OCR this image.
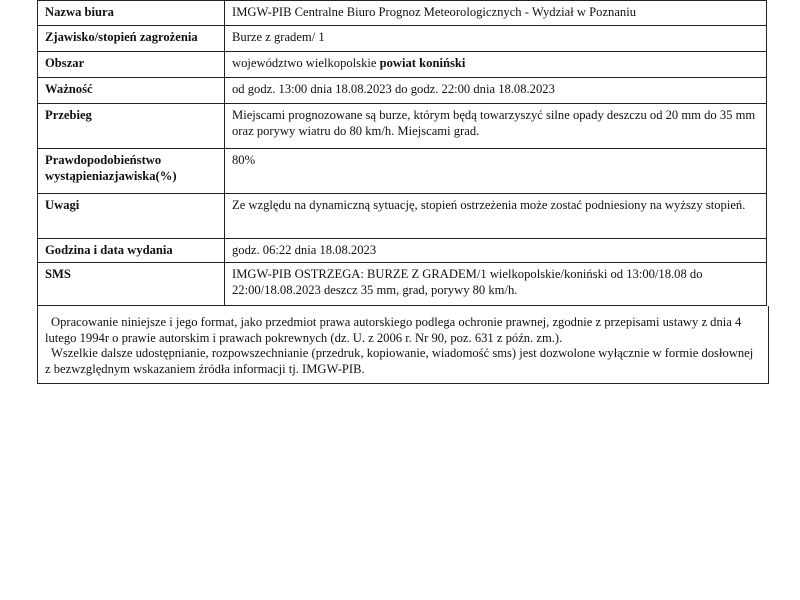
Nazwa biura	IMGW-PIB Centralne Biuro Prognoz Meteorologicznych - Wydział w Poznaniu
Zjawisko/stopień zagrożenia	Burze z gradem/ 1
Obszar	województwo wielkopolskie powiat koniński
Ważność	od godz. 13:00 dnia 18.08.2023 do godz. 22:00 dnia 18.08.2023
Przebieg	Miejscami prognozowane są burze, którym będą towarzyszyć silne opady deszczu od 20 mm do 35 mm oraz porywy wiatru do 80 km/h. Miejscami grad.
Prawdopodobieństwo wystąpieniazjawiska(%)	80%
Uwagi	Ze względu na dynamiczną sytuację, stopień ostrzeżenia może zostać podniesiony na wyższy stopień.
Godzina i data wydania	godz. 06:22 dnia 18.08.2023
SMS	IMGW-PIB OSTRZEGA: BURZE Z GRADEM/1 wielkopolskie/koniński od 13:00/18.08 do 22:00/18.08.2023 deszcz 35 mm, grad, porywy 80 km/h.

Opracowanie niniejsze i jego format, jako przedmiot prawa autorskiego podlega ochronie prawnej, zgodnie z przepisami ustawy z dnia 4 lutego 1994r o prawie autorskim i prawach pokrewnych (dz. U. z 2006 r. Nr 90, poz. 631 z późn. zm.).

Wszelkie dalsze udostępnianie, rozpowszechnianie (przedruk, kopiowanie, wiadomość sms) jest dozwolone wyłącznie w formie dosłownej z bezwzględnym wskazaniem źródła informacji tj. IMGW-PIB.
